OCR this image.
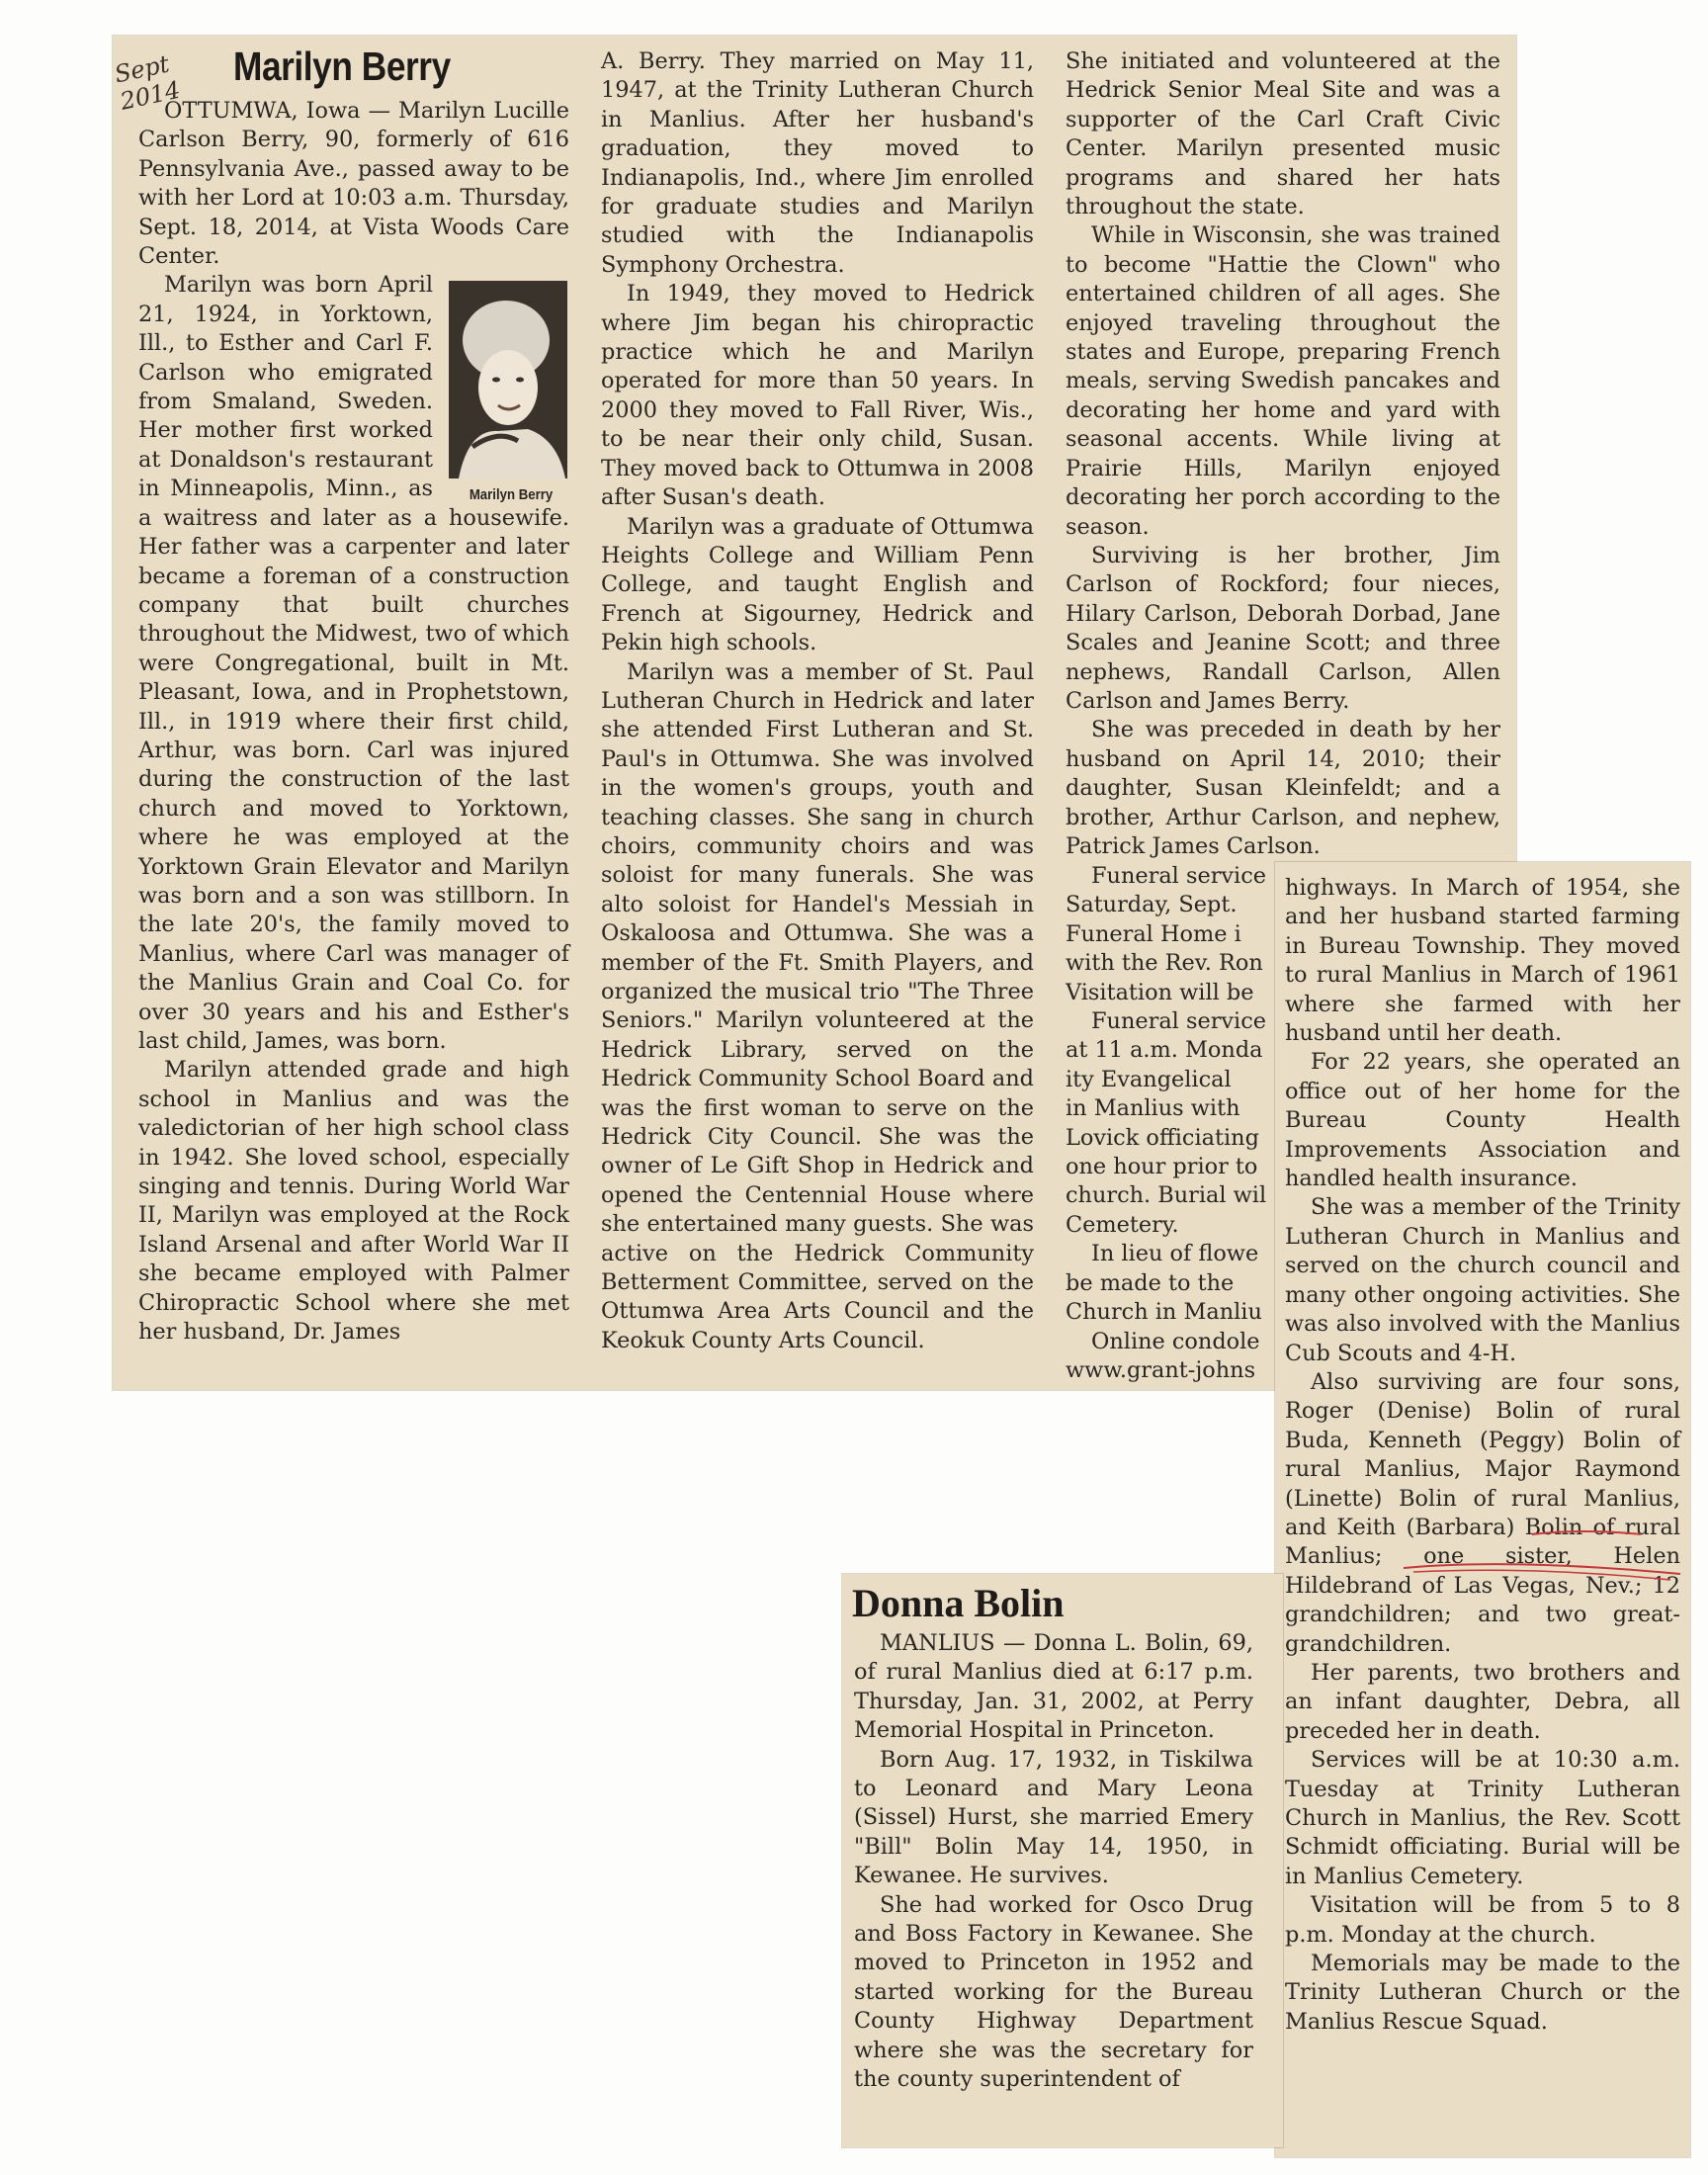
Sept 2014
Marilyn Berry

OTTUMWA, Iowa — Marilyn Lucille Carlson Berry, 90, formerly of 616 Pennsylvania Ave., passed away to be with her Lord at 10:03 a.m. Thursday, Sept. 18, 2014, at Vista Woods Care Center.

Marilyn was born April 21, 1924, in Yorktown, Ill., to Esther and Carl F. Carlson who emigrated from Smaland, Sweden. Her mother first worked at Donaldson's restaurant in Minneapolis, Minn., as a waitress and later as a housewife. Her father was a carpenter and later became a foreman of a construction company that built churches throughout the Midwest, two of which were Congregational, built in Mt. Pleasant, Iowa, and in Prophetstown, Ill., in 1919 where their first child, Arthur, was born. Carl was injured during the construction of the last church and moved to Yorktown, where he was employed at the Yorktown Grain Elevator and Marilyn was born and a son was stillborn. In the late 20's, the family moved to Manlius, where Carl was manager of the Manlius Grain and Coal Co. for over 30 years and his and Esther's last child, James, was born.

Marilyn attended grade and high school in Manlius and was the valedictorian of her high school class in 1942. She loved school, especially singing and tennis. During World War II, Marilyn was employed at the Rock Island Arsenal and after World War II she became employed with Palmer Chiropractic School where she met her husband, Dr. James

Marilyn Berry

A. Berry. They married on May 11, 1947, at the Trinity Lutheran Church in Manlius. After her husband's graduation, they moved to Indianapolis, Ind., where Jim enrolled for graduate studies and Marilyn studied with the Indianapolis Symphony Orchestra.

In 1949, they moved to Hedrick where Jim began his chiropractic practice which he and Marilyn operated for more than 50 years. In 2000 they moved to Fall River, Wis., to be near their only child, Susan. They moved back to Ottumwa in 2008 after Susan's death.

Marilyn was a graduate of Ottumwa Heights College and William Penn College, and taught English and French at Sigourney, Hedrick and Pekin high schools.

Marilyn was a member of St. Paul Lutheran Church in Hedrick and later she attended First Lutheran and St. Paul's in Ottumwa. She was involved in the women's groups, youth and teaching classes. She sang in church choirs, community choirs and was soloist for many funerals. She was alto soloist for Handel's Messiah in Oskaloosa and Ottumwa. She was a member of the Ft. Smith Players, and organized the musical trio "The Three Seniors." Marilyn volunteered at the Hedrick Library, served on the Hedrick Community School Board and was the first woman to serve on the Hedrick City Council. She was the owner of Le Gift Shop in Hedrick and opened the Centennial House where she entertained many guests. She was active on the Hedrick Community Betterment Committee, served on the Ottumwa Area Arts Council and the Keokuk County Arts Council.

She initiated and volunteered at the Hedrick Senior Meal Site and was a supporter of the Carl Craft Civic Center. Marilyn presented music programs and shared her hats throughout the state.

While in Wisconsin, she was trained to become "Hattie the Clown" who entertained children of all ages. She enjoyed traveling throughout the states and Europe, preparing French meals, serving Swedish pancakes and decorating her home and yard with seasonal accents. While living at Prairie Hills, Marilyn enjoyed decorating her porch according to the season.

Surviving is her brother, Jim Carlson of Rockford; four nieces, Hilary Carlson, Deborah Dorbad, Jane Scales and Jeanine Scott; and three nephews, Randall Carlson, Allen Carlson and James Berry.

She was preceded in death by her husband on April 14, 2010; their daughter, Susan Kleinfeldt; and a brother, Arthur Carlson, and nephew, Patrick James Carlson.

Funeral service
Saturday, Sept.
Funeral Home i
with the Rev. Ron
Visitation will be
Funeral service
at 11 a.m. Monda
ity Evangelical
in Manlius with
Lovick officiating
one hour prior to
church. Burial wil
Cemetery.
In lieu of flowe
be made to the
Church in Manliu
Online condole
www.grant-johns
Donna Bolin

MANLIUS — Donna L. Bolin, 69, of rural Manlius died at 6:17 p.m. Thursday, Jan. 31, 2002, at Perry Memorial Hospital in Princeton.

Born Aug. 17, 1932, in Tiskilwa to Leonard and Mary Leona (Sissel) Hurst, she married Emery "Bill" Bolin May 14, 1950, in Kewanee. He survives.

She had worked for Osco Drug and Boss Factory in Kewanee. She moved to Princeton in 1952 and started working for the Bureau County Highway Department where she was the secretary for the county superintendent of

highways. In March of 1954, she and her husband started farming in Bureau Township. They moved to rural Manlius in March of 1961 where she farmed with her husband until her death.

For 22 years, she operated an office out of her home for the Bureau County Health Improvements Association and handled health insurance.

She was a member of the Trinity Lutheran Church in Manlius and served on the church council and many other ongoing activities. She was also involved with the Manlius Cub Scouts and 4-H.

Also surviving are four sons, Roger (Denise) Bolin of rural Buda, Kenneth (Peggy) Bolin of rural Manlius, Major Raymond (Linette) Bolin of rural Manlius, and Keith (Barbara) Bolin of rural Manlius; one sister, Helen Hildebrand of Las Vegas, Nev.; 12 grandchildren; and two great-grandchildren.

Her parents, two brothers and an infant daughter, Debra, all preceded her in death.

Services will be at 10:30 a.m. Tuesday at Trinity Lutheran Church in Manlius, the Rev. Scott Schmidt officiating. Burial will be in Manlius Cemetery.

Visitation will be from 5 to 8 p.m. Monday at the church.

Memorials may be made to the Trinity Lutheran Church or the Manlius Rescue Squad.
